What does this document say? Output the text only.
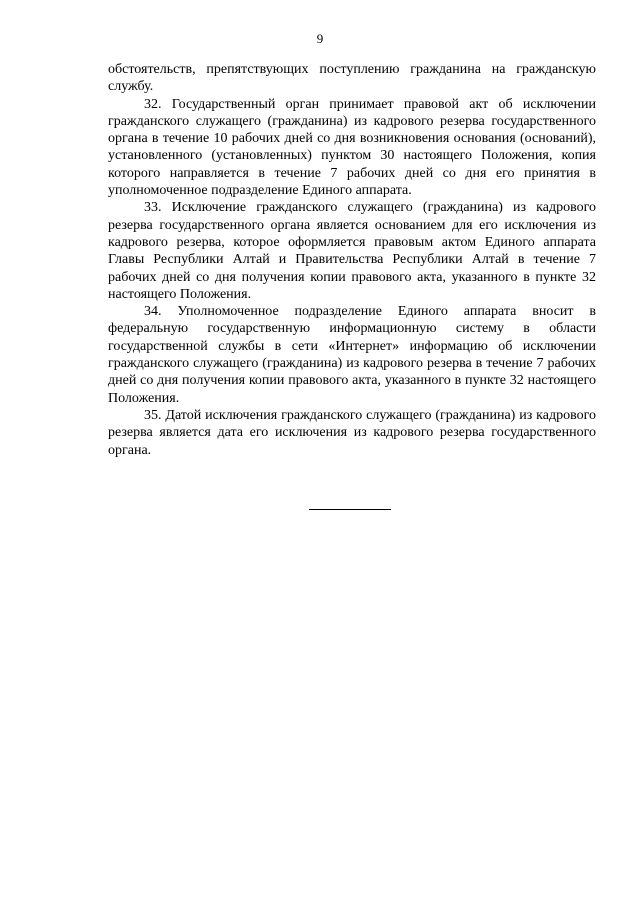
9

обстоятельств, препятствующих поступлению гражданина на гражданскую службу.

32. Государственный орган принимает правовой акт об исключении гражданского служащего (гражданина) из кадрового резерва государственного органа в течение 10 рабочих дней со дня возникновения основания (оснований), установленного (установленных) пунктом 30 настоящего Положения, копия которого направляется в течение 7 рабочих дней со дня его принятия в уполномоченное подразделение Единого аппарата.

33. Исключение гражданского служащего (гражданина) из кадрового резерва государственного органа является основанием для его исключения из кадрового резерва, которое оформляется правовым актом Единого аппарата Главы Республики Алтай и Правительства Республики Алтай в течение 7 рабочих дней со дня получения копии правового акта, указанного в пункте 32 настоящего Положения.

34. Уполномоченное подразделение Единого аппарата вносит в федеральную государственную информационную систему в области государственной службы в сети «Интернет» информацию об исключении гражданского служащего (гражданина) из кадрового резерва в течение 7 рабочих дней со дня получения копии правового акта, указанного в пункте 32 настоящего Положения.

35. Датой исключения гражданского служащего (гражданина) из кадрового резерва является дата его исключения из кадрового резерва государственного органа.
